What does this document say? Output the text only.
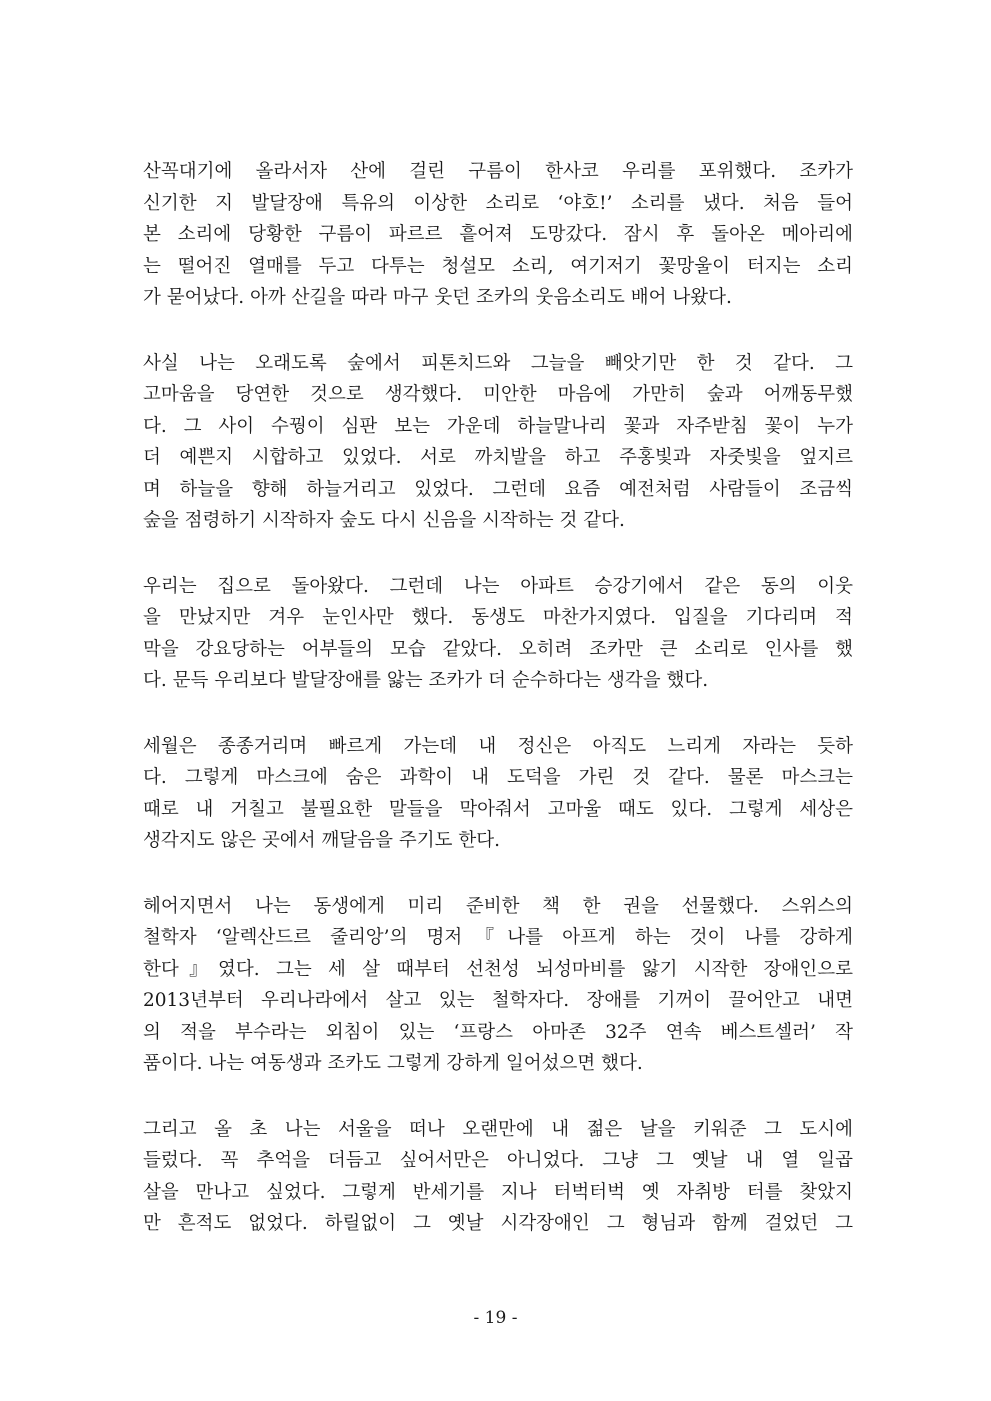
산꼭대기에 올라서자 산에 걸린 구름이 한사코 우리를 포위했다. 조카가
신기한 지 발달장애 특유의 이상한 소리로 ‘야호!’ 소리를 냈다. 처음 들어
본 소리에 당황한 구름이 파르르 흩어져 도망갔다. 잠시 후 돌아온 메아리에
는 떨어진 열매를 두고 다투는 청설모 소리, 여기저기 꽃망울이 터지는 소리
가 묻어났다. 아까 산길을 따라 마구 웃던 조카의 웃음소리도 배어 나왔다.

사실 나는 오래도록 숲에서 피톤치드와 그늘을 빼앗기만 한 것 같다. 그
고마움을 당연한 것으로 생각했다. 미안한 마음에 가만히 숲과 어깨동무했
다. 그 사이 수꿩이 심판 보는 가운데 하늘말나리 꽃과 자주받침 꽃이 누가
더 예쁜지 시합하고 있었다. 서로 까치발을 하고 주홍빛과 자줏빛을 엎지르
며 하늘을 향해 하늘거리고 있었다. 그런데 요즘 예전처럼 사람들이 조금씩
숲을 점령하기 시작하자 숲도 다시 신음을 시작하는 것 같다.

우리는 집으로 돌아왔다. 그런데 나는 아파트 승강기에서 같은 동의 이웃
을 만났지만 겨우 눈인사만 했다. 동생도 마찬가지였다. 입질을 기다리며 적
막을 강요당하는 어부들의 모습 같았다. 오히려 조카만 큰 소리로 인사를 했
다. 문득 우리보다 발달장애를 앓는 조카가 더 순수하다는 생각을 했다.

세월은 종종거리며 빠르게 가는데 내 정신은 아직도 느리게 자라는 듯하
다. 그렇게 마스크에 숨은 과학이 내 도덕을 가린 것 같다. 물론 마스크는
때로 내 거칠고 불필요한 말들을 막아줘서 고마울 때도 있다. 그렇게 세상은
생각지도 않은 곳에서 깨달음을 주기도 한다.

헤어지면서 나는 동생에게 미리 준비한 책 한 권을 선물했다. 스위스의
철학자 ‘알렉산드르 줄리앙’의 명저『나를 아프게 하는 것이 나를 강하게
한다』였다. 그는 세 살 때부터 선천성 뇌성마비를 앓기 시작한 장애인으로
2013년부터 우리나라에서 살고 있는 철학자다. 장애를 기꺼이 끌어안고 내면
의 적을 부수라는 외침이 있는 ‘프랑스 아마존 32주 연속 베스트셀러’ 작
품이다. 나는 여동생과 조카도 그렇게 강하게 일어섰으면 했다.

그리고 올 초 나는 서울을 떠나 오랜만에 내 젊은 날을 키워준 그 도시에
들렀다. 꼭 추억을 더듬고 싶어서만은 아니었다. 그냥 그 옛날 내 열 일곱
살을 만나고 싶었다. 그렇게 반세기를 지나 터벅터벅 옛 자취방 터를 찾았지
만 흔적도 없었다. 하릴없이 그 옛날 시각장애인 그 형님과 함께 걸었던 그

- 19 -
